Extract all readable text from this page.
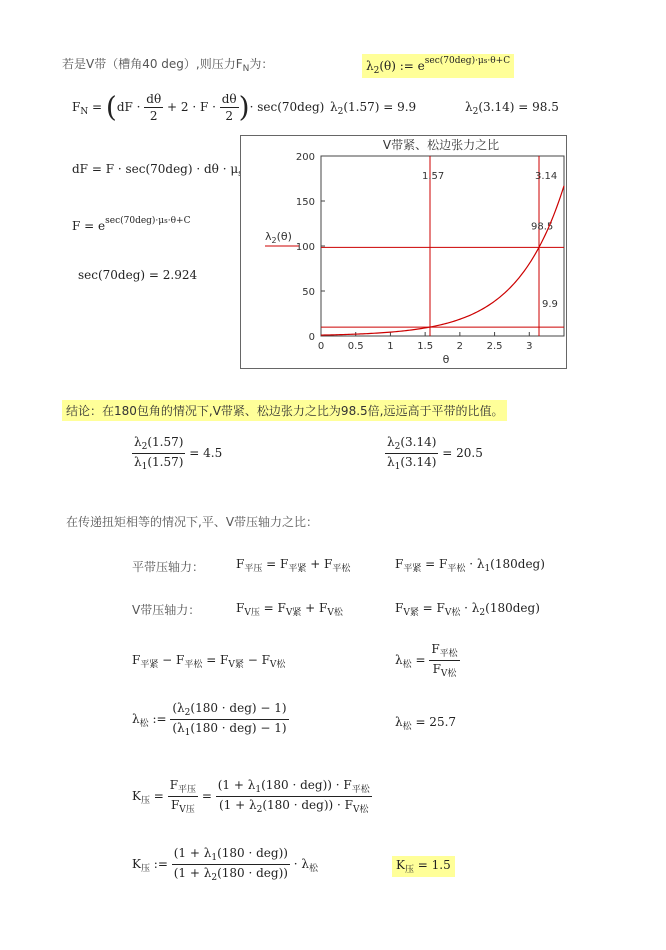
若是V带（槽角40 deg）,则压力$F_N$为：	$\lambda_2(\theta)$ := $e^{sec(70deg)\cdot\mu s\cdot\theta+C}$
$F_N = (dF \cdot \frac{d\theta}{2} + 2 \cdot F \cdot \frac{d\theta}{2}$ )· sec(70deg) $\lambda_2(1.57) = 9.9$	$\lambda_2(3.14) = 98.5$
dF = F · sec(70deg) · dθ · μ
$F = e^{sec(70deg)\cdot\mu s\cdot\theta+C}$
sec(70deg) = 2.924
V带紧、松边张力之比
0 0.5 1 1.5 2 2.5 3
0
50
100
150
200
1.57	3.14
98.5
9.9
θ
$\lambda_2(\theta)$
结论：在180包角的情况下,V带紧、松边张力之比为98.5倍,远远高于平带的比值。
$\frac{\lambda_2(1.57)}{\lambda_1(1.57)} = 4.5$	$\frac{\lambda_2(3.14)}{\lambda_1(3.14)} = 20.5$
在传递扭矩相等的情况下,平、V带压轴力之比：
平带压轴力：	$F_{平压} = F_{平紧} + F_{平松}$	$F_{平紧} = F_{平松} \cdot \lambda_1(180deg)$
V带压轴力：	$F_{V压} = F_{V紧} + F_{V松}$	$F_{V紧} = F_{V松} \cdot \lambda_2(180deg)$
$F_{平紧} - F_{平松} = F_{V紧} - F_{V松}$	$\lambda_松 = \frac{F_{平松}}{F_{V松}}$
$\lambda_松$ := $\frac{(\lambda_2(180 \cdot deg) - 1)}{(\lambda_1(180 \cdot deg) - 1)}$	$\lambda_松 = 25.7$
$K_压 = \frac{F_{平压}}{F_{V压}} = \frac{(1 + \lambda_1(180 \cdot deg)) \cdot F_{平松}}{(1 + \lambda_2(180 \cdot deg)) \cdot F_{V松}}$
$K_压$ := $\frac{(1 + \lambda_1(180 \cdot deg))}{(1 + \lambda_2(180 \cdot deg))} \cdot \lambda_松$	$K_压 = 1.5$
